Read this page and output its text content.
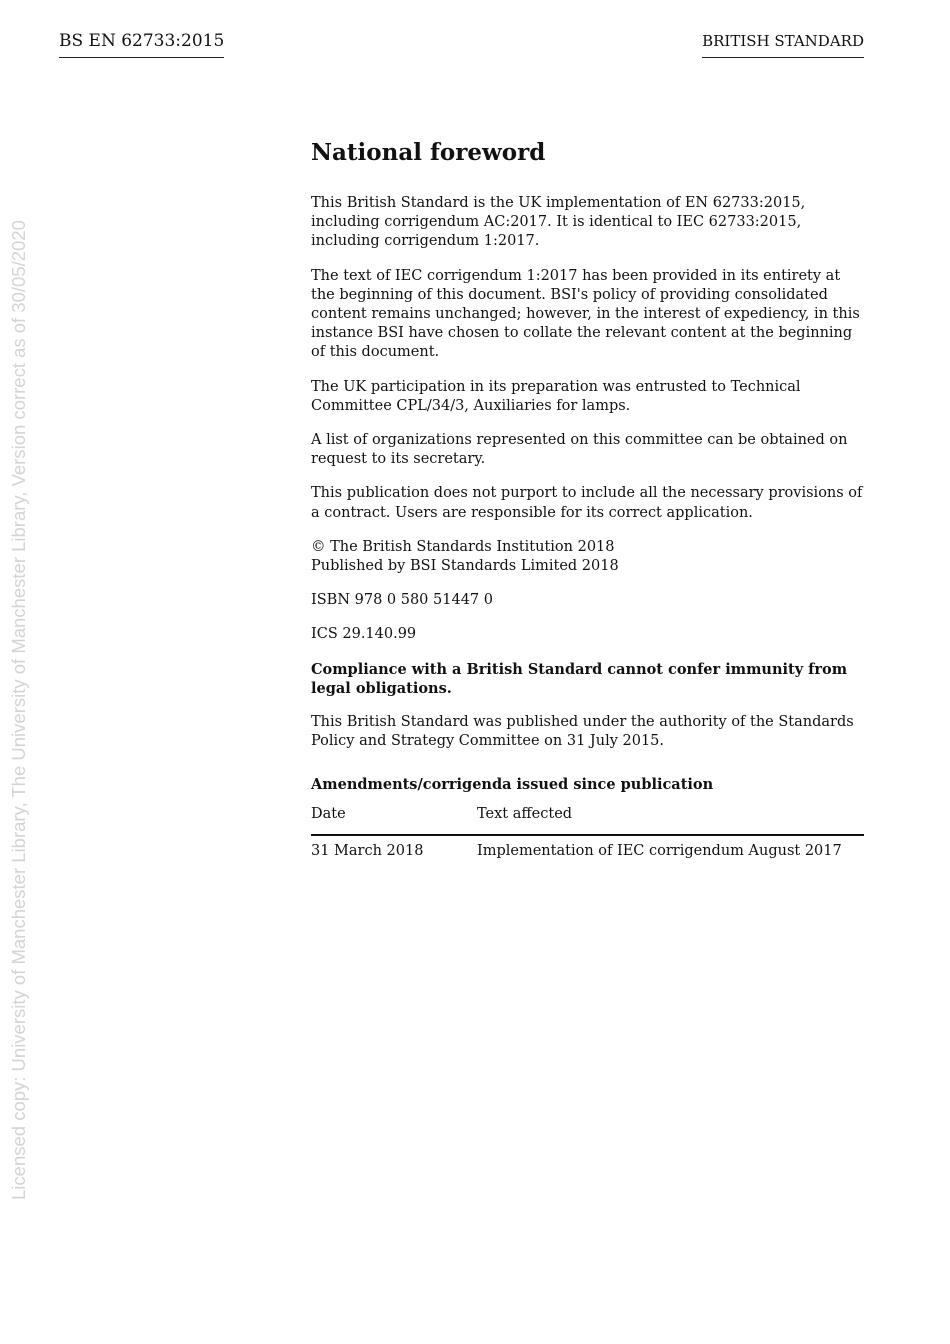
BS EN 62733:2015	BRITISH STANDARD
Licensed copy: University of Manchester Library, The University of Manchester Library, Version correct as of 30/05/2020
National foreword

This British Standard is the UK implementation of EN 62733:2015, including corrigendum AC:2017. It is identical to IEC 62733:2015, including corrigendum 1:2017.

The text of IEC corrigendum 1:2017 has been provided in its entirety at the beginning of this document. BSI's policy of providing consolidated content remains unchanged; however, in the interest of expediency, in this instance BSI have chosen to collate the relevant content at the beginning of this document.

The UK participation in its preparation was entrusted to Technical Committee CPL/34/3, Auxiliaries for lamps.

A list of organizations represented on this committee can be obtained on request to its secretary.

This publication does not purport to include all the necessary provisions of a contract. Users are responsible for its correct application.

© The British Standards Institution 2018
Published by BSI Standards Limited 2018

ISBN 978 0 580 51447 0

ICS 29.140.99

Compliance with a British Standard cannot confer immunity from legal obligations.

This British Standard was published under the authority of the Standards Policy and Strategy Committee on 31 July 2015.

Amendments/corrigenda issued since publication
Date	Text affected
31 March 2018	Implementation of IEC corrigendum August 2017
